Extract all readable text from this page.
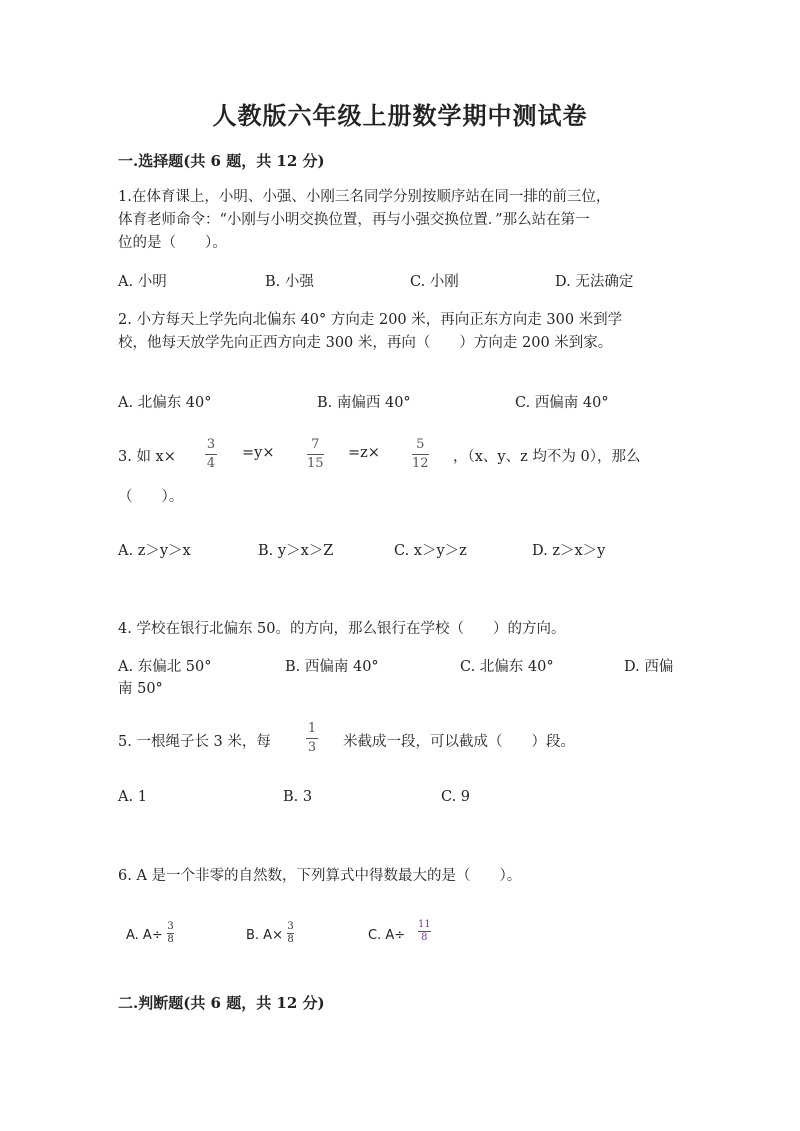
人教版六年级上册数学期中测试卷
一.选择题(共 6 题，共 12 分)
1.在体育课上，小明、小强、小刚三名同学分别按顺序站在同一排的前三位，
体育老师命令：“小刚与小明交换位置，再与小强交换位置．”那么站在第一
位的是（　　）。
A. 小明	B. 小强	C. 小刚	D. 无法确定
2. 小方每天上学先向北偏东 40° 方向走 200 米，再向正东方向走 300 米到学
校，他每天放学先向正西方向走 300 米，再向（　　）方向走 200 米到家。
A. 北偏东 40°	B. 南偏西 40°	C. 西偏南 40°
3. 如 x×
3
4
=y×
7
15
=z×
5
12 ，（x、y、z 均不为 0），那么
（　　）。
A. z＞y＞x	B. y＞x＞Z	C. x＞y＞z	D. z＞x＞y
4. 学校在银行北偏东 50。的方向，那么银行在学校（　　）的方向。
A. 东偏北 50°	B. 西偏南 40°	C. 北偏东 40°	D. 西偏
南 50°
5. 一根绳子长 3 米，每
1
3 米截成一段，可以截成（　　）段。
A. 1	B. 3	C. 9
6. A 是一个非零的自然数，下列算式中得数最大的是（　　）。
A. A÷
3
8	B. A×
3
8	C. A÷
11
8
二.判断题(共 6 题，共 12 分)
